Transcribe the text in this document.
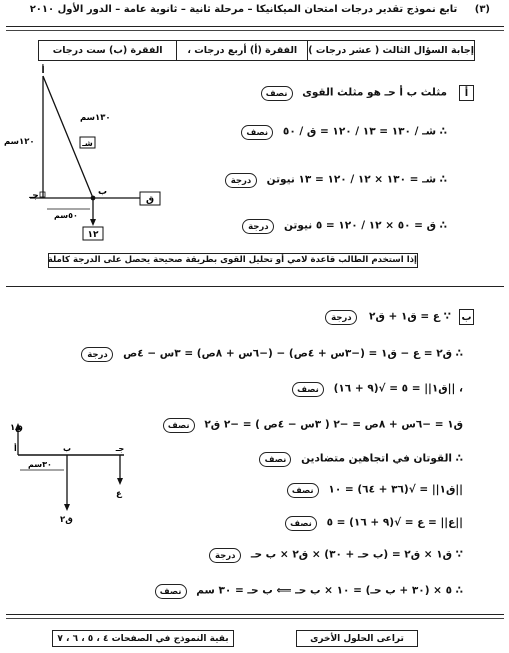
(٣)     تابع نموذج تقدير درجات امتحان الميكانيكا – مرحلة ثانية – ثانوية عامة – الدور الأول ٢٠١٠
إجابة السؤال الثالث ( عشر درجات )
الفقرة (أ) أربع درجات ،
الفقرة (ب) ست درجات
أ
أ
جـ	ب
١٣٠سم
١٢٠سم
٥٠سم
شـ
ق
١٢
مثلث ب أ حـ هو مثلث القوى نصف
∴ شـ / ١٣٠ = ١٣ / ١٢٠ = ق / ٥٠ نصف
∴ شـ = ١٣٠ × ١٢ / ١٢٠ = ١٣ نيوتن درجة
∴ ق = ٥٠ × ١٢ / ١٢٠ = ٥ نيوتن درجة
إذا استخدم الطالب قاعدة لامي أو تحليل القوى بطريقة صحيحة يحصل على الدرجة كاملة
ب
∵ ع = ق١ + ق٢ درجة
∴ ق٢ = ع − ق١ = (−٣س + ٤ص) − (−٦س + ٨ص) = ٣س − ٤ص درجة
، ||ق١|| = ٥ = √(٩ + ١٦) نصف
ق١ = −٦س + ٨ص = −٢ ( ٣س − ٤ص ) = −٢ ق٢ نصف
∴ القوتان في اتجاهين متضادين نصف
||ق١|| = √(٣٦ + ٦٤) = ١٠ نصف
||ع|| = ع = √(٩ + ١٦) = ٥ نصف
∵ ق١ × ق٢ = (ب حـ + ٣٠) × ق٢ × ب حـ درجة
∴ ٥ × (٣٠ + ب حـ) = ١٠ × ب حـ ⟸ ب حـ = ٣٠ سم نصف
ق١
أ	ب	جـ
٣٠سم
ق٢
ع
بقية النموذج في الصفحات ٤ ، ٥ ، ٦ ، ٧	تراعى الحلول الأخرى
